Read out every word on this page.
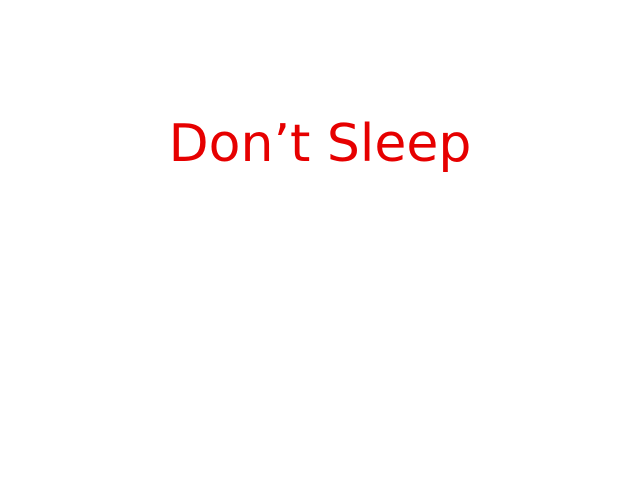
Don’t Sleep
